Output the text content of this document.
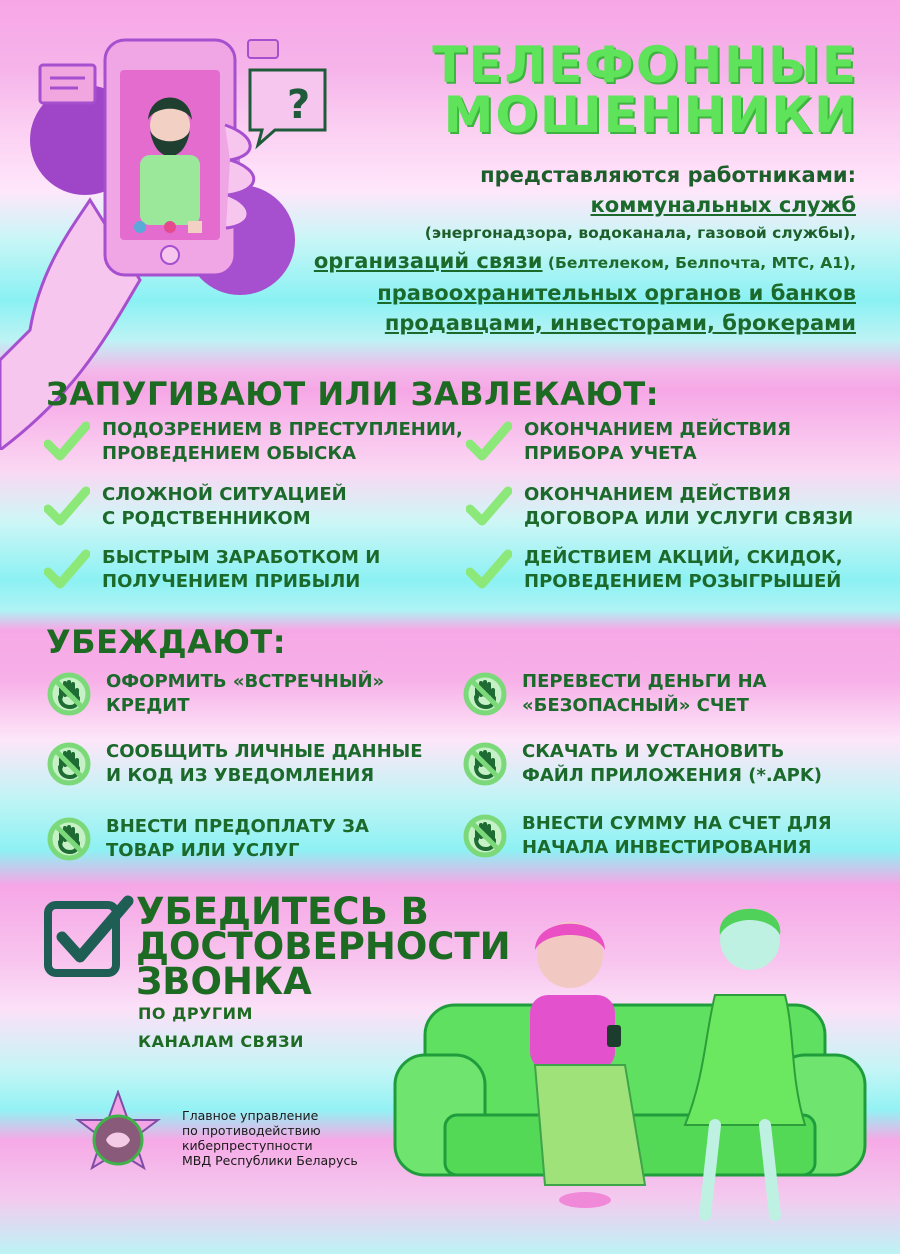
?
ТЕЛЕФОННЫЕ
МОШЕННИКИ

представляются работниками:

коммунальных служб

(энергонадзора, водоканала, газовой службы),

организаций связи (Белтелеком, Белпочта, МТС, А1),

правоохранительных органов и банков

продавцами, инвесторами, брокерами

ЗАПУГИВАЮТ ИЛИ ЗАВЛЕКАЮТ:
ПОДОЗРЕНИЕМ В ПРЕСТУПЛЕНИИ,
ПРОВЕДЕНИЕМ ОБЫСКА
ОКОНЧАНИЕМ ДЕЙСТВИЯ
ПРИБОРА УЧЕТА
СЛОЖНОЙ СИТУАЦИЕЙ
С РОДСТВЕННИКОМ
ОКОНЧАНИЕМ ДЕЙСТВИЯ
ДОГОВОРА ИЛИ УСЛУГИ СВЯЗИ
БЫСТРЫМ ЗАРАБОТКОМ И
ПОЛУЧЕНИЕМ ПРИБЫЛИ
ДЕЙСТВИЕМ АКЦИЙ, СКИДОК,
ПРОВЕДЕНИЕМ РОЗЫГРЫШЕЙ
УБЕЖДАЮТ:
ОФОРМИТЬ «ВСТРЕЧНЫЙ»
КРЕДИТ
ПЕРЕВЕСТИ ДЕНЬГИ НА
«БЕЗОПАСНЫЙ» СЧЕТ
СООБЩИТЬ ЛИЧНЫЕ ДАННЫЕ
И КОД ИЗ УВЕДОМЛЕНИЯ
СКАЧАТЬ И УСТАНОВИТЬ
ФАЙЛ ПРИЛОЖЕНИЯ (*.APK)
ВНЕСТИ ПРЕДОПЛАТУ ЗА
ТОВАР ИЛИ УСЛУГ
ВНЕСТИ СУММУ НА СЧЕТ ДЛЯ
НАЧАЛА ИНВЕСТИРОВАНИЯ
УБЕДИТЕСЬ В
ДОСТОВЕРНОСТИ
ЗВОНКА
ПО ДРУГИМ
КАНАЛАМ СВЯЗИ
Главное управление
по противодействию
киберпреступности
МВД Республики Беларусь
